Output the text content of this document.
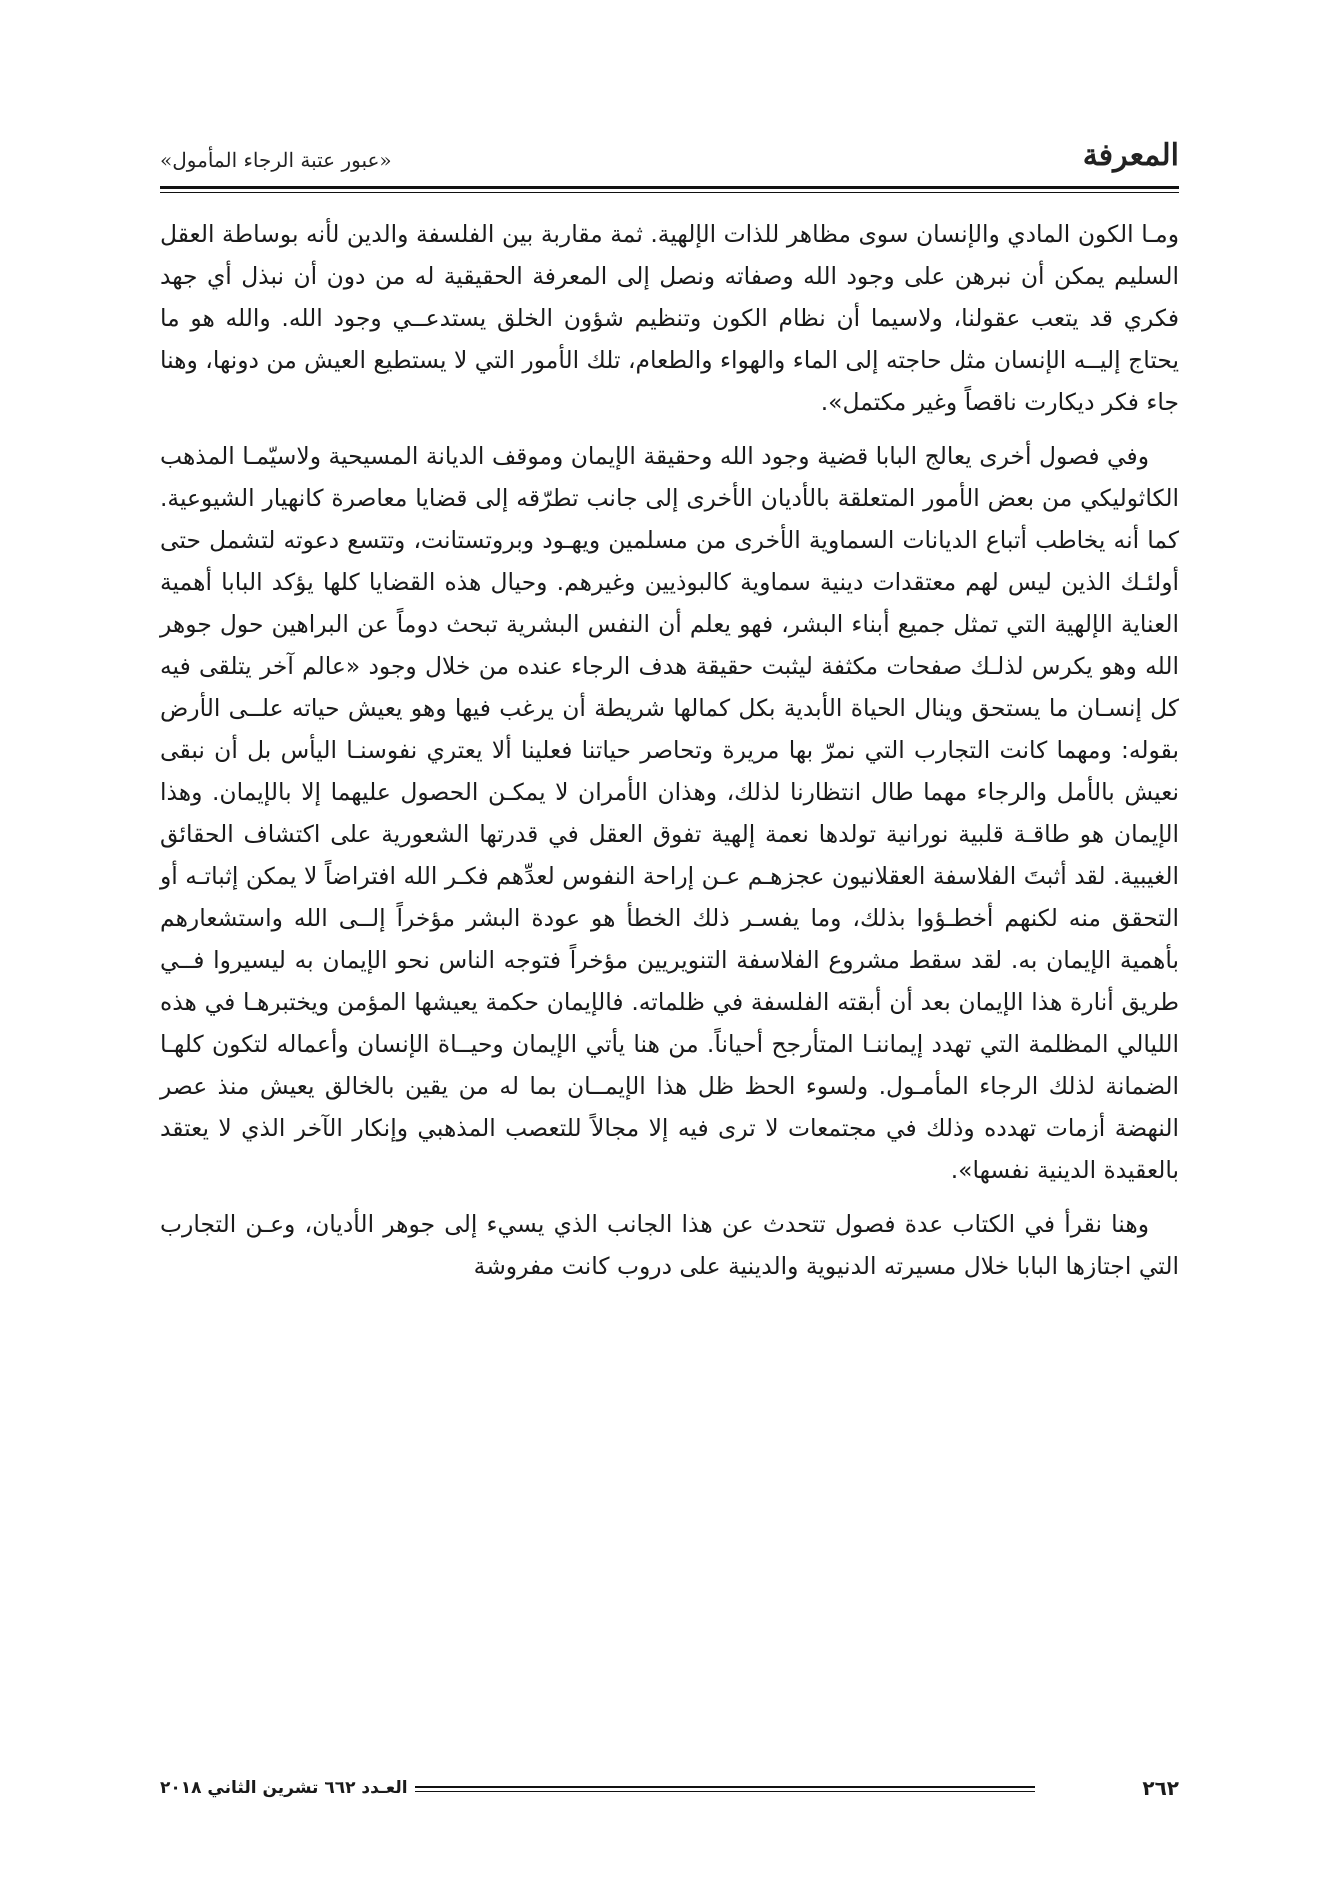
المعرفة
«عبور عتبة الرجاء المأمول»

ومـا الكون المادي والإنسان سوى مظاهر للذات الإلهية. ثمة مقاربة بين الفلسفة والدين لأنه بوساطة العقل السليم يمكن أن نبرهن على وجود الله وصفاته ونصل إلى المعرفة الحقيقية له من دون أن نبذل أي جهد فكري قد يتعب عقولنا، ولاسيما أن نظام الكون وتنظيم شؤون الخلق يستدعــي وجود الله. والله هو ما يحتاج إليــه الإنسان مثل حاجته إلى الماء والهواء والطعام، تلك الأمور التي لا يستطيع العيش من دونها، وهنا جاء فكر ديكارت ناقصاً وغير مكتمل».

وفي فصول أخرى يعالج البابا قضية وجود الله وحقيقة الإيمان وموقف الديانة المسيحية ولاسيّمـا المذهب الكاثوليكي من بعض الأمور المتعلقة بالأديان الأخرى إلى جانب تطرّقه إلى قضايا معاصرة كانهيار الشيوعية. كما أنه يخاطب أتباع الديانات السماوية الأخرى من مسلمين ويهـود وبروتستانت، وتتسع دعوته لتشمل حتى أولئـك الذين ليس لهم معتقدات دينية سماوية كالبوذيين وغيرهم. وحيال هذه القضايا كلها يؤكد البابا أهمية العناية الإلهية التي تمثل جميع أبناء البشر، فهو يعلم أن النفس البشرية تبحث دوماً عن البراهين حول جوهر الله وهو يكرس لذلـك صفحات مكثفة ليثبت حقيقة هدف الرجاء عنده من خلال وجود «عالم آخر يتلقى فيه كل إنسـان ما يستحق وينال الحياة الأبدية بكل كمالها شريطة أن يرغب فيها وهو يعيش حياته علــى الأرض بقوله: ومهما كانت التجارب التي نمرّ بها مريرة وتحاصر حياتنا فعلينا ألا يعتري نفوسنـا اليأس بل أن نبقى نعيش بالأمل والرجاء مهما طال انتظارنا لذلك، وهذان الأمران لا يمكـن الحصول عليهما إلا بالإيمان. وهذا الإيمان هو طاقـة قلبية نورانية تولدها نعمة إلهية تفوق العقل في قدرتها الشعورية على اكتشاف الحقائق الغيبية. لقد أثبتَ الفلاسفة العقلانيون عجزهـم عـن إراحة النفوس لعدِّهم فكـر الله افتراضاً لا يمكن إثباتـه أو التحقق منه لكنهم أخطـؤوا بذلك، وما يفسـر ذلك الخطأ هو عودة البشر مؤخراً إلــى الله واستشعارهم بأهمية الإيمان به. لقد سقط مشروع الفلاسفة التنويريين مؤخراً فتوجه الناس نحو الإيمان به ليسيروا فــي طريق أنارة هذا الإيمان بعد أن أبقته الفلسفة في ظلماته. فالإيمان حكمة يعيشها المؤمن ويختبرهـا في هذه الليالي المظلمة التي تهدد إيماننـا المتأرجح أحياناً. من هنا يأتي الإيمان وحيــاة الإنسان وأعماله لتكون كلهـا الضمانة لذلك الرجاء المأمـول. ولسوء الحظ ظل هذا الإيمــان بما له من يقين بالخالق يعيش منذ عصر النهضة أزمات تهدده وذلك في مجتمعات لا ترى فيه إلا مجالاً للتعصب المذهبي وإنكار الآخر الذي لا يعتقد بالعقيدة الدينية نفسها».

وهنا نقرأ في الكتاب عدة فصول تتحدث عن هذا الجانب الذي يسيء إلى جوهر الأديان، وعـن التجارب التي اجتازها البابا خلال مسيرته الدنيوية والدينية على دروب كانت مفروشة

٢٦٢
العـدد ٦٦٢ تشرين الثاني ٢٠١٨
